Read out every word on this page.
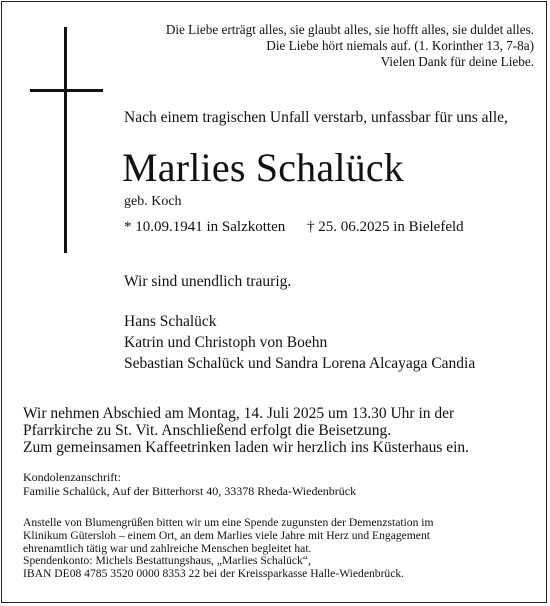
Die Liebe erträgt alles, sie glaubt alles, sie hofft alles, sie duldet alles.
Die Liebe hört niemals auf. (1. Korinther 13, 7-8a)
Vielen Dank für deine Liebe.
Nach einem tragischen Unfall verstarb, unfassbar für uns alle,
Marlies Schalück
geb. Koch
* 10.09.1941 in Salzkotten † 25. 06.2025 in Bielefeld
Wir sind unendlich traurig.
Hans Schalück
Katrin und Christoph von Boehn
Sebastian Schalück und Sandra Lorena Alcayaga Candia
Wir nehmen Abschied am Montag, 14. Juli 2025 um 13.30 Uhr in der
Pfarrkirche zu St. Vit. Anschließend erfolgt die Beisetzung.
Zum gemeinsamen Kaffeetrinken laden wir herzlich ins Küsterhaus ein.
Kondolenzanschrift:
Familie Schalück, Auf der Bitterhorst 40, 33378 Rheda-Wiedenbrück
Anstelle von Blumengrüßen bitten wir um eine Spende zugunsten der Demenzstation im
Klinikum Gütersloh – einem Ort, an dem Marlies viele Jahre mit Herz und Engagement
ehrenamtlich tätig war und zahlreiche Menschen begleitet hat.
Spendenkonto: Michels Bestattungshaus, „Marlies Schalück“,
IBAN DE08 4785 3520 0000 8353 22 bei der Kreissparkasse Halle-Wiedenbrück.
